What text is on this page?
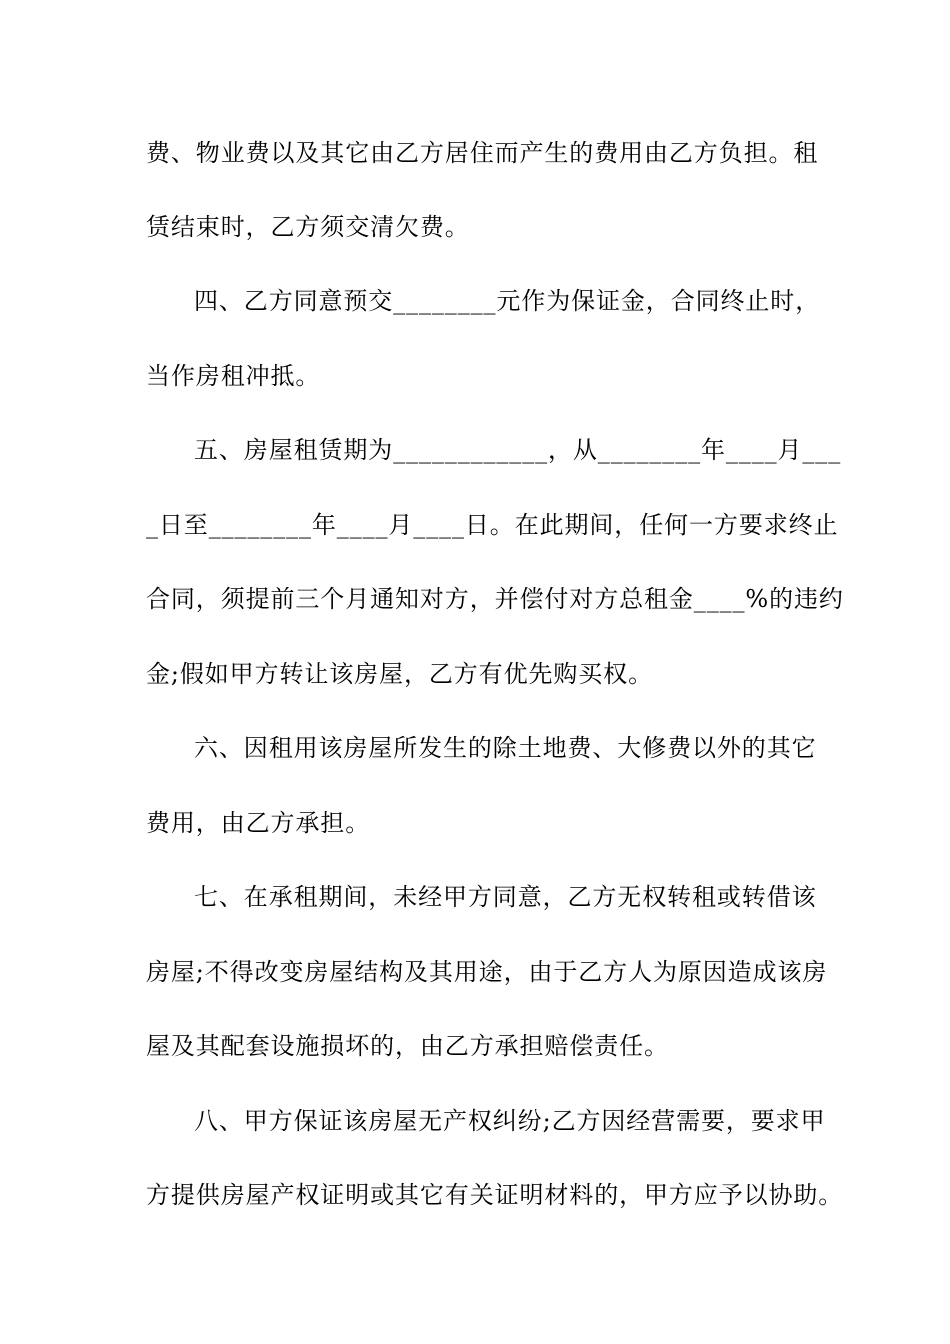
费、物业费以及其它由乙方居住而产生的费用由乙方负担。租
赁结束时，乙方须交清欠费。
四、乙方同意预交________元作为保证金，合同终止时，
当作房租冲抵。
五、房屋租赁期为____________，从________年____月___
_日至________年____月____日。在此期间，任何一方要求终止
合同，须提前三个月通知对方，并偿付对方总租金____%的违约
金;假如甲方转让该房屋，乙方有优先购买权。
六、因租用该房屋所发生的除土地费、大修费以外的其它
费用，由乙方承担。
七、在承租期间，未经甲方同意，乙方无权转租或转借该
房屋;不得改变房屋结构及其用途，由于乙方人为原因造成该房
屋及其配套设施损坏的，由乙方承担赔偿责任。
八、甲方保证该房屋无产权纠纷;乙方因经营需要，要求甲
方提供房屋产权证明或其它有关证明材料的，甲方应予以协助。
